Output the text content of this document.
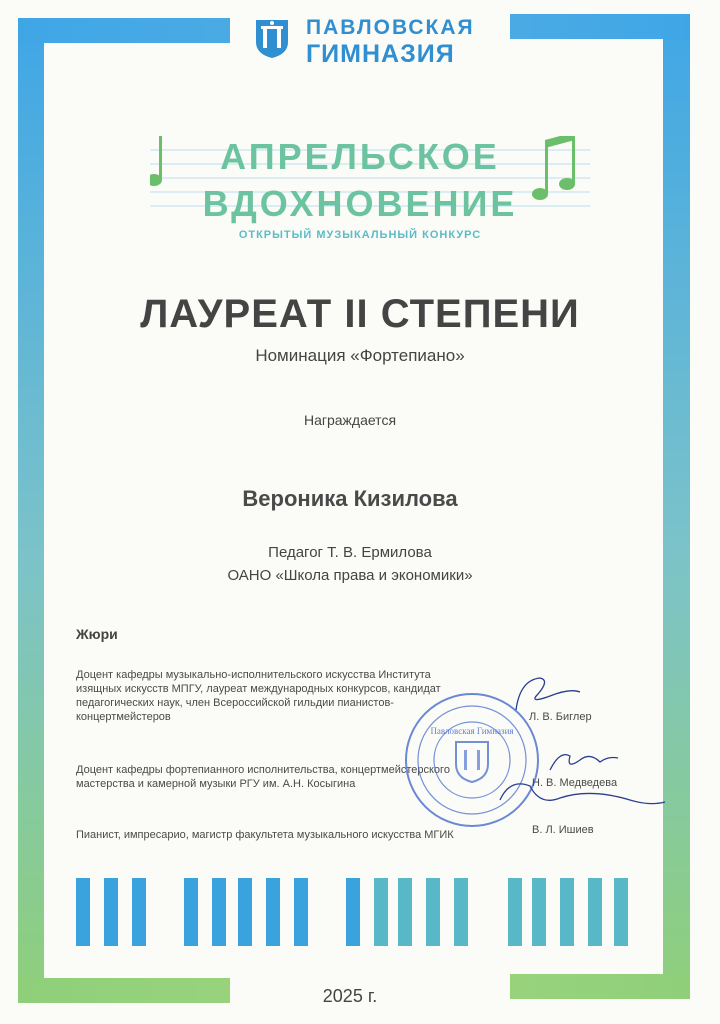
ПАВЛОВСКАЯ
ГИМНАЗИЯ
АПРЕЛЬСКОЕ
ВДОХНОВЕНИЕ
ОТКРЫТЫЙ МУЗЫКАЛЬНЫЙ КОНКУРС
ЛАУРЕАТ II СТЕПЕНИ
Номинация «Фортепиано»
Награждается
Вероника Кизилова
Педагог Т. В. Ермилова
ОАНО «Школа права и экономики»
Жюри
Доцент кафедры музыкально-исполнительского искусства Института изящных искусств МПГУ, лауреат международных конкурсов, кандидат педагогических наук, член Всероссийской гильдии пианистов-концертмейстеров
Доцент кафедры фортепианного исполнительства, концертмейстерского мастерства и камерной музыки РГУ им. А.Н. Косыгина
Пианист, импресарио, магистр факультета музыкального искусства МГИК
Павловская Гимназия
Л. В. Биглер
Н. В. Медведева
В. Л. Ишиев
2025 г.
